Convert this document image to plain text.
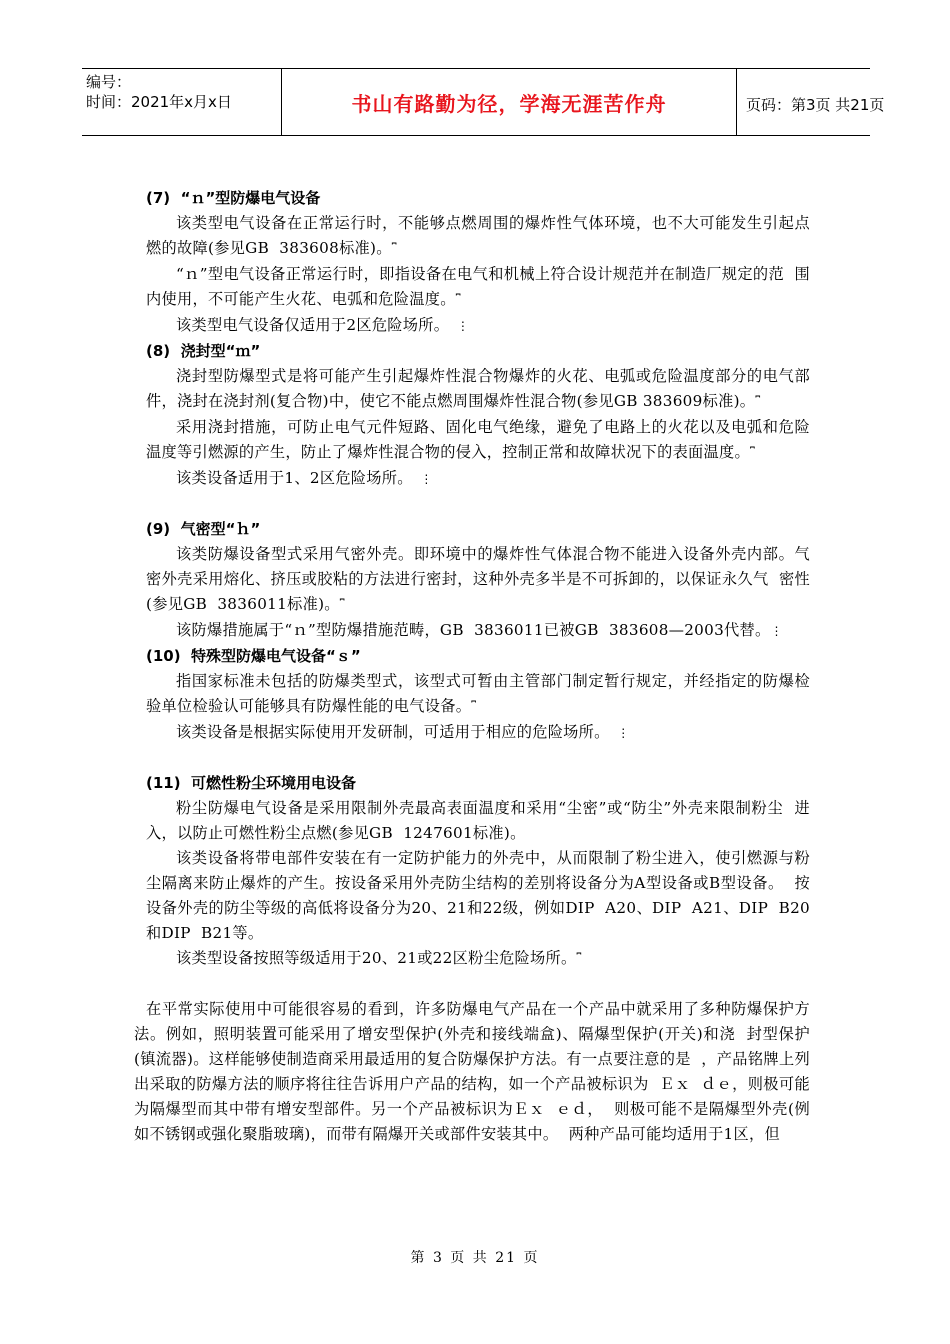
编号：
时间：2021年x月x日	书山有路勤为径，学海无涯苦作舟	页码：第3页 共21页

(7)  “ｎ”型防爆电气设备

该类型电气设备在正常运行时，不能够点燃周围的爆炸性气体环境，也不大可能发生引起点  燃的故障(参见GB  383608标准)。⎴

“ｎ”型电气设备正常运行时，即指设备在电气和机械上符合设计规范并在制造厂规定的范  围内使用，不可能产生火花、电弧和危险温度。⎴

该类型电气设备仅适用于2区危险场所。  ⋮

(8)  浇封型“ｍ”

浇封型防爆型式是将可能产生引起爆炸性混合物爆炸的火花、电弧或危险温度部分的电气部  件，浇封在浇封剂(复合物)中，使它不能点燃周围爆炸性混合物(参见GB 383609标准)。⎴

采用浇封措施，可防止电气元件短路、固化电气绝缘，避免了电路上的火花以及电弧和危险  温度等引燃源的产生，防止了爆炸性混合物的侵入，控制正常和故障状况下的表面温度。⎴

该类设备适用于1、2区危险场所。  ⋮

(9)  气密型“ｈ”

该类防爆设备型式采用气密外壳。即环境中的爆炸性气体混合物不能进入设备外壳内部。气  密外壳采用熔化、挤压或胶粘的方法进行密封，这种外壳多半是不可拆卸的，以保证永久气  密性(参见GB  3836011标准)。⎴

该防爆措施属于“ｎ”型防爆措施范畴，GB  3836011已被GB  383608—2003代替。⋮

(10)  特殊型防爆电气设备“ｓ”

指国家标准未包括的防爆类型式，该型式可暂由主管部门制定暂行规定，并经指定的防爆检  验单位检验认可能够具有防爆性能的电气设备。⎴

该类设备是根据实际使用开发研制，可适用于相应的危险场所。  ⋮

(11)  可燃性粉尘环境用电设备

粉尘防爆电气设备是采用限制外壳最高表面温度和采用“尘密”或“防尘”外壳来限制粉尘  进入，以防止可燃性粉尘点燃(参见GB  1247601标准)。

该类设备将带电部件安装在有一定防护能力的外壳中，从而限制了粉尘进入，使引燃源与粉  尘隔离来防止爆炸的产生。按设备采用外壳防尘结构的差别将设备分为A型设备或B型设备。  按设备外壳的防尘等级的高低将设备分为20、21和22级，例如DIP  A20、DIP  A21、DIP  B20  和DIP  B21等。

该类型设备按照等级适用于20、21或22区粉尘危险场所。⎴

在平常实际使用中可能很容易的看到，许多防爆电气产品在一个产品中就采用了多种防爆保护方法。例如，照明装置可能采用了增安型保护(外壳和接线端盒)、隔爆型保护(开关)和浇  封型保护(镇流器)。这样能够使制造商采用最适用的复合防爆保护方法。有一点要注意的是  ，产品铭牌上列出采取的防爆方法的顺序将往往告诉用户产品的结构，如一个产品被标识为  Ｅｘ  ｄｅ，则极可能为隔爆型而其中带有增安型部件。另一个产品被标识为Ｅｘ  ｅｄ，  则极可能不是隔爆型外壳(例如不锈钢或强化聚脂玻璃)，而带有隔爆开关或部件安装其中。  两种产品可能均适用于1区，但

第 3 页 共 21 页
